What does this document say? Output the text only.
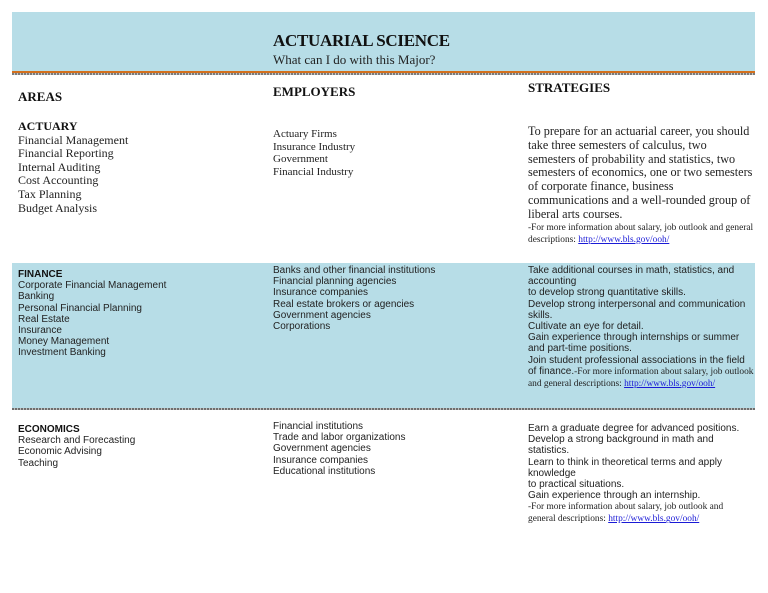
ACTUARIAL SCIENCE
What can I do with this Major?
AREAS	EMPLOYERS	STRATEGIES
ACTUARY
Financial Management
Financial Reporting
Internal Auditing
Cost Accounting
Tax Planning
Budget Analysis
Actuary Firms
Insurance Industry
Government
Financial Industry
To prepare for an actuarial career, you should take three semesters of calculus, two semesters of probability and statistics, two semesters of economics, one or two semesters of corporate finance, business communications and a well-rounded group of liberal arts courses.
-For more information about salary, job outlook and general descriptions: http://www.bls.gov/ooh/
FINANCE
Corporate Financial Management
Banking
Personal Financial Planning
Real Estate
Insurance
Money Management
Investment Banking
Banks and other financial institutions
Financial planning agencies
Insurance companies
Real estate brokers or agencies
Government agencies
Corporations
Take additional courses in math, statistics, and accounting
to develop strong quantitative skills.
Develop strong interpersonal and communication skills.
Cultivate an eye for detail.
Gain experience through internships or summer and part-time positions.
Join student professional associations in the field of finance.-For more information about salary, job outlook and general descriptions: http://www.bls.gov/ooh/
ECONOMICS
Research and Forecasting
Economic Advising
Teaching
Financial institutions
Trade and labor organizations
Government agencies
Insurance companies
Educational institutions
Earn a graduate degree for advanced positions.
Develop a strong background in math and statistics.
Learn to think in theoretical terms and apply knowledge
to practical situations.
Gain experience through an internship.
-For more information about salary, job outlook and general descriptions: http://www.bls.gov/ooh/
